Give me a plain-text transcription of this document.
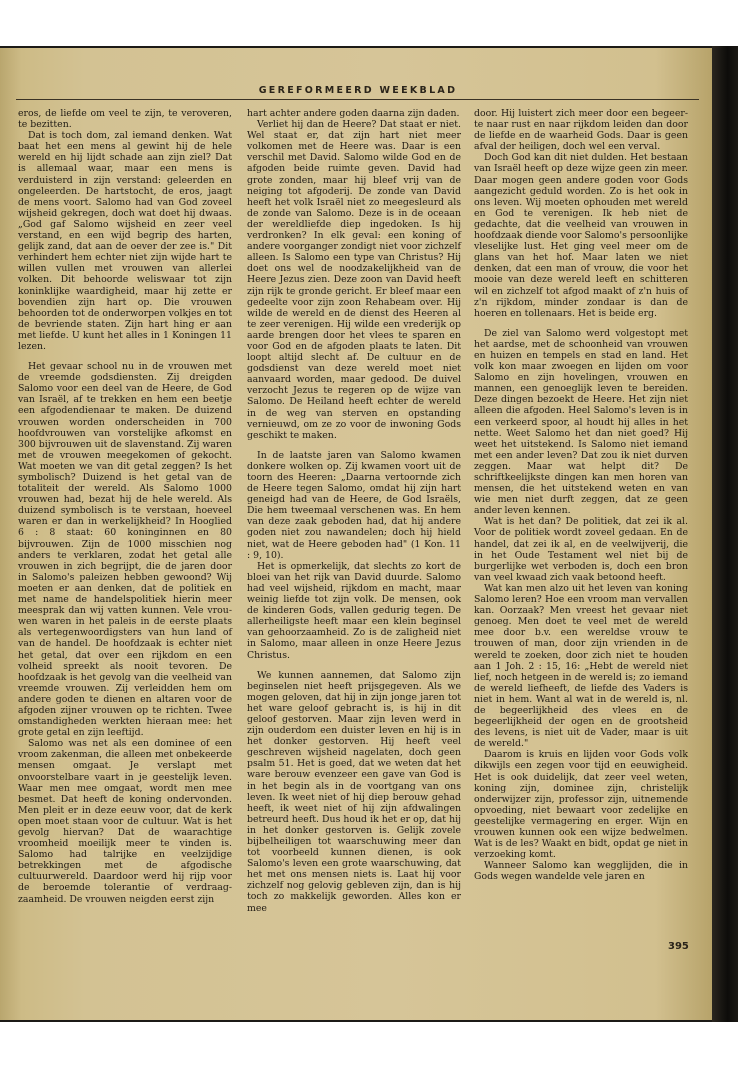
GEREFORMEERD WEEKBLAD

eros, de liefde om veel te zijn, te veroveren, te bezitten.

Dat is toch dom, zal iemand denken. Wat baat het een mens al gewint hij de hele wereld en hij lijdt schade aan zijn ziel? Dat is allemaal waar, maar een mens is verduisterd in zijn verstand: geleerden en ongeleerden. De hartstocht, de eros, jaagt de mens voort. Salomo had van God zoveel wijsheid gekregen, doch wat doet hij dwaas. „God gaf Salomo wijsheid en zeer veel verstand, en een wijd begrip des harten, gelijk zand, dat aan de oever der zee is." Dit verhindert hem echter niet zijn wijde hart te willen vullen met vrouwen van allerlei volken. Dit behoorde weliswaar tot zijn koninklijke waardigheid, maar hij zette er bovendien zijn hart op. Die vrouwen behoorden tot de onderworpen volkjes en tot de bevriende staten. Zijn hart hing er aan met liefde. U kunt het alles in 1 Koningen 11 lezen.

Het gevaar school nu in de vrouwen met de vreemde godsdiensten. Zij dreigden Salomo voor een deel van de Heere, de God van Israël, af te trekken en hem een beetje een afgodendienaar te maken. De duizend vrouwen worden onderscheiden in 700 hoofdvrouwen van vorstelijke afkomst en 300 bijvrouwen uit de slavenstand. Zij waren met de vrouwen meegekomen of gekocht. Wat moeten we van dit getal zeggen? Is het symbolisch? Duizend is het getal van de totaliteit der wereld. Als Salomo 1000 vrouwen had, bezat hij de hele wereld. Als duizend symbolisch is te verstaan, hoeveel waren er dan in werkelijkheid? In Hooglied 6 : 8 staat: 60 koninginnen en 80 bijvrouwen. Zijn de 1000 misschien nog anders te verklaren, zodat het getal alle vrouwen in zich begrijpt, die de jaren door in Salomo's paleizen hebben gewoond? Wij moeten er aan denken, dat de politiek en met name de handelspolitiek hierin meer meesprak dan wij vatten kunnen. Vele vrouwen waren in het paleis in de eerste plaats als vertegenwoordigsters van hun land of van de handel. De hoofdzaak is echter niet het getal, dat over een rijkdom en een volheid spreekt als nooit tevoren. De hoofdzaak is het gevolg van die veelheid van vreemde vrouwen. Zij verleidden hem om andere goden te dienen en altaren voor de afgoden zijner vrouwen op te richten. Twee omstandigheden werkten hieraan mee: het grote getal en zijn leeftijd.

Salomo was net als een dominee of een vroom zakenman, die alleen met onbekeerde mensen omgaat. Je verslapt met onvoorstelbare vaart in je geestelijk leven. Waar men mee omgaat, wordt men mee besmet. Dat heeft de koning ondervonden. Men pleit er in deze eeuw voor, dat de kerk open moet staan voor de cultuur. Wat is het gevolg hiervan? Dat de waarachtige vroomheid moeilijk meer te vinden is. Salomo had talrijke en veelzijdige betrekkingen met de afgodische cultuurwereld. Daardoor werd hij rijp voor de beroemde tolerantie of verdraagzaamheid. De vrouwen neigden eerst zijn

hart achter andere goden daarna zijn daden.

Verliet hij dan de Heere? Dat staat er niet. Wel staat er, dat zijn hart niet meer volkomen met de Heere was. Daar is een verschil met David. Salomo wilde God en de afgoden beide ruimte geven. David had grote zonden, maar hij bleef vrij van de neiging tot afgoderij. De zonde van David heeft het volk Israël niet zo meegesleurd als de zonde van Salomo. Deze is in de oceaan der wereldliefde diep ingedoken. Is hij verdronken? In elk geval: een koning of andere voorganger zondigt niet voor zichzelf alleen. Is Salomo een type van Christus? Hij doet ons wel de noodzakelijkheid van de Heere Jezus zien. Deze zoon van David heeft zijn rijk te gronde gericht. Er bleef maar een gedeelte voor zijn zoon Rehabeam over. Hij wilde de wereld en de dienst des Heeren al te zeer verenigen. Hij wilde een vrederijk op aarde brengen door het vlees te sparen en voor God en de afgoden plaats te laten. Dit loopt altijd slecht af. De cultuur en de godsdienst van deze wereld moet niet aanvaard worden, maar gedood. De duivel verzocht Jezus te regeren op de wijze van Salomo. De Heiland heeft echter de wereld in de weg van sterven en opstanding vernieuwd, om ze zo voor de inwoning Gods geschikt te maken.

In de laatste jaren van Salomo kwamen donkere wolken op. Zij kwamen voort uit de toorn des Heeren: „Daarna vertoornde zich de Heere tegen Salomo, omdat hij zijn hart geneigd had van de Heere, de God Israëls, Die hem tweemaal verschenen was. En hem van deze zaak geboden had, dat hij andere goden niet zou nawandelen; doch hij hield niet, wat de Heere geboden had" (1 Kon. 11 : 9, 10).

Het is opmerkelijk, dat slechts zo kort de bloei van het rijk van David duurde. Salomo had veel wijsheid, rijkdom en macht, maar weinig liefde tot zijn volk. De mensen, ook de kinderen Gods, vallen gedurig tegen. De allerheiligste heeft maar een klein beginsel van gehoorzaamheid. Zo is de zaligheid niet in Salomo, maar alleen in onze Heere Jezus Christus.

We kunnen aannemen, dat Salomo zijn beginselen niet heeft prijsgegeven. Als we mogen geloven, dat hij in zijn jonge jaren tot het ware geloof gebracht is, is hij in dit geloof gestorven. Maar zijn leven werd in zijn ouderdom een duister leven en hij is in het donker gestorven. Hij heeft veel geschreven wijsheid nagelaten, doch geen psalm 51. Het is goed, dat we weten dat het ware berouw evenzeer een gave van God is in het begin als in de voortgang van ons leven. Ik weet niet of hij diep berouw gehad heeft, ik weet niet of hij zijn afdwalingen betreurd heeft. Dus houd ik het er op, dat hij in het donker gestorven is. Gelijk zovele bijbelheiligen tot waarschuwing meer dan tot voorbeeld kunnen dienen, is ook Salomo's leven een grote waarschuwing, dat het met ons mensen niets is. Laat hij voor zichzelf nog gelovig gebleven zijn, dan is hij toch zo makkelijk geworden. Alles kon er mee

door. Hij luistert zich meer door een begeerte naar rust en naar rijkdom leiden dan door de liefde en de waarheid Gods. Daar is geen afval der heiligen, doch wel een verval.

Doch God kan dit niet dulden. Het bestaan van Israël heeft op deze wijze geen zin meer. Daar mogen geen andere goden voor Gods aangezicht geduld worden. Zo is het ook in ons leven. Wij moeten ophouden met wereld en God te verenigen. Ik heb niet de gedachte, dat die veelheid van vrouwen in hoofdzaak diende voor Salomo's persoonlijke vleselijke lust. Het ging veel meer om de glans van het hof. Maar laten we niet denken, dat een man of vrouw, die voor het mooie van deze wereld leeft en schitteren wil en zichzelf tot afgod maakt of z'n huis of z'n rijkdom, minder zondaar is dan de hoeren en tollenaars. Het is beide erg.

De ziel van Salomo werd volgestopt met het aardse, met de schoonheid van vrouwen en huizen en tempels en stad en land. Het volk kon maar zwoegen en lijden om voor Salomo en zijn hovelingen, vrouwen en mannen, een genoeglijk leven te bereiden. Deze dingen bezoekt de Heere. Het zijn niet alleen die afgoden. Heel Salomo's leven is in een verkeerd spoor, al houdt hij alles in het nette. Weet Salomo het dan niet goed? Hij weet het uitstekend. Is Salomo niet iemand met een ander leven? Dat zou ik niet durven zeggen. Maar wat helpt dit? De schriftkeelijkste dingen kan men horen van mensen, die het uitstekend weten en van wie men niet durft zeggen, dat ze geen ander leven kennen.

Wat is het dan? De politiek, dat zei ik al. Voor de politiek wordt zoveel gedaan. En de handel, dat zei ik al, en de veelwijverij, die in het Oude Testament wel niet bij de burgerlijke wet verboden is, doch een bron van veel kwaad zich vaak betoond heeft.

Wat kan men alzo uit het leven van koning Salomo leren? Hoe een vroom man vervallen kan. Oorzaak? Men vreest het gevaar niet genoeg. Men doet te veel met de wereld mee door b.v. een wereldse vrouw te trouwen of man, door zijn vrienden in de wereld te zoeken, door zich niet te houden aan 1 Joh. 2 : 15, 16: „Hebt de wereld niet lief, noch hetgeen in de wereld is; zo iemand de wereld liefheeft, de liefde des Vaders is niet in hem. Want al wat in de wereld is, nl. de begeerlijkheid des vlees en de begeerlijkheid der ogen en de grootsheid des levens, is niet uit de Vader, maar is uit de wereld."

Daarom is kruis en lijden voor Gods volk dikwijls een zegen voor tijd en eeuwigheid. Het is ook duidelijk, dat zeer veel weten, koning zijn, dominee zijn, christelijk onderwijzer zijn, professor zijn, uitnemende opvoeding, niet bewaart voor zedelijke en geestelijke vermagering en erger. Wijn en vrouwen kunnen ook een wijze bedwelmen. Wat is de les? Waakt en bidt, opdat ge niet in verzoeking komt.

Wanneer Salomo kan wegglijden, die in Gods wegen wandelde vele jaren en

395
